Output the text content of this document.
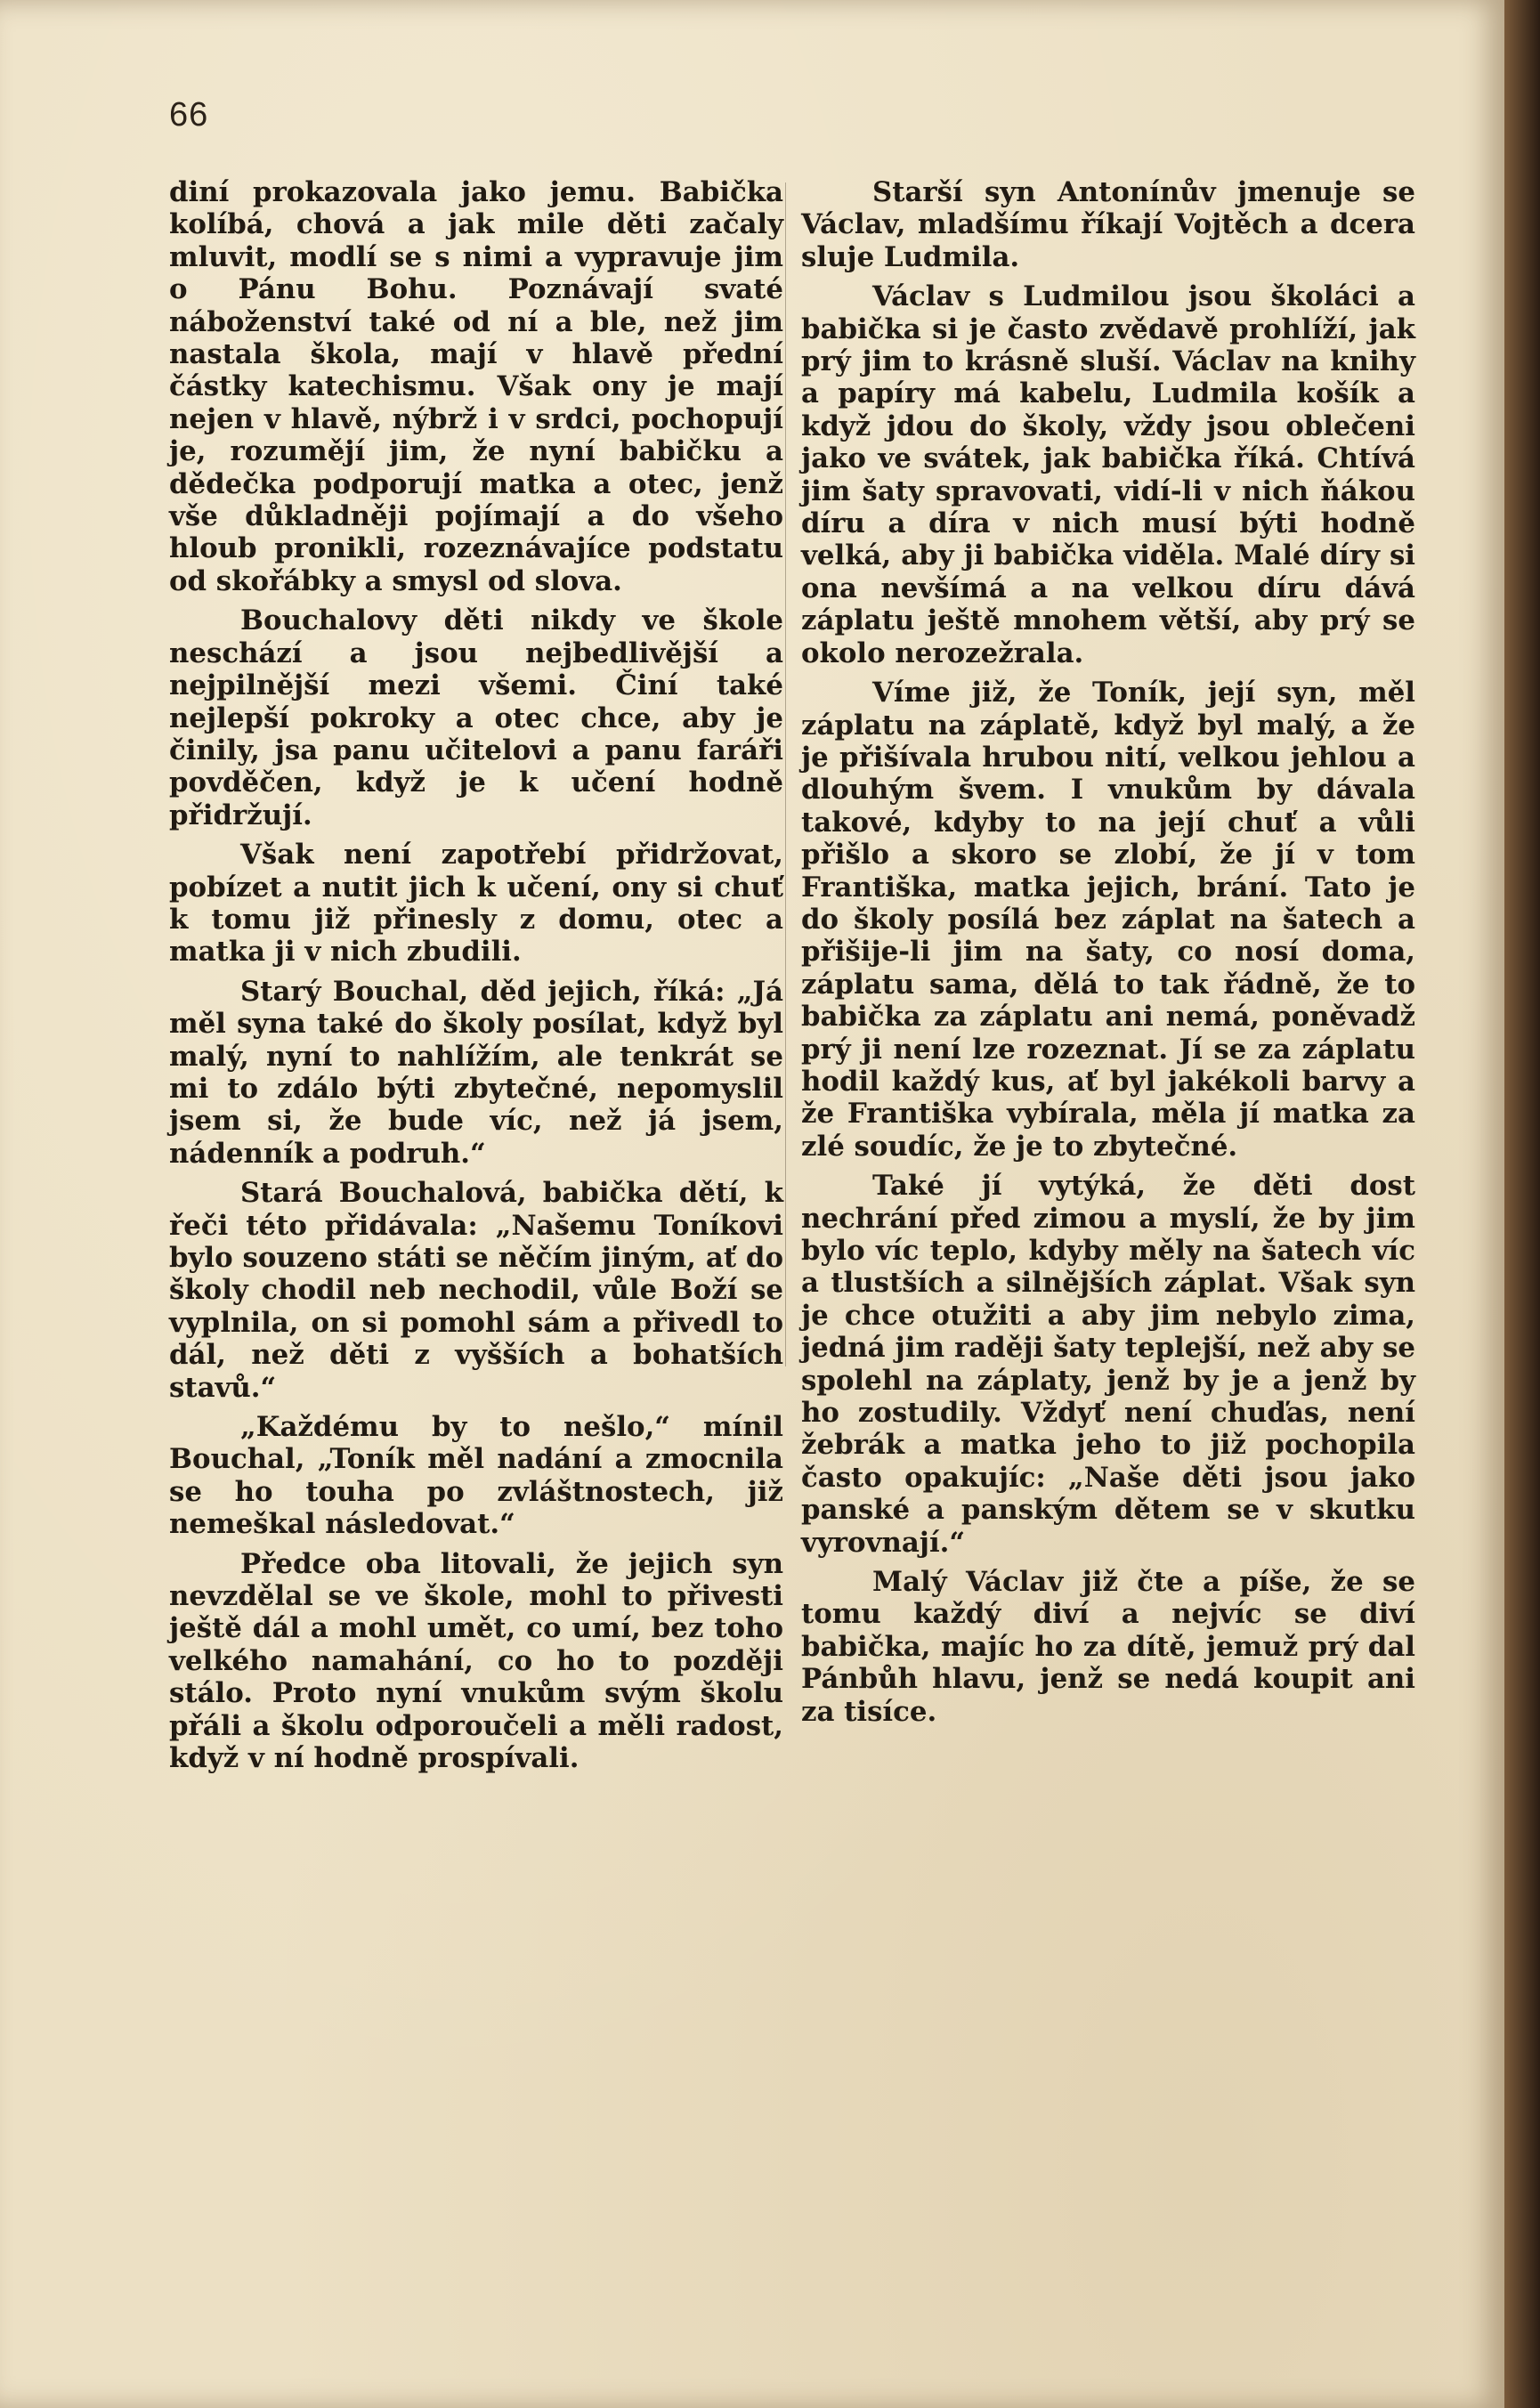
66

diní prokazovala jako jemu. Babička kolíbá, chová a jak mile děti začaly mluvit, modlí se s nimi a vypravuje jim o Pánu Bohu. Poznávají svaté náboženství také od ní a ble, než jim nastala škola, mají v hlavě přední částky katechismu. Však ony je mají nejen v hlavě, nýbrž i v srdci, pochopují je, rozumějí jim, že nyní babičku a dědečka podporují matka a otec, jenž vše důkladněji pojímají a do všeho hloub pronikli, rozeznávajíce podstatu od skořábky a smysl od slova.

Bouchalovy děti nikdy ve škole neschází a jsou nejbedlivější a nejpilnější mezi všemi. Činí také nejlepší pokroky a otec chce, aby je činily, jsa panu učitelovi a panu faráři povděčen, když je k učení hodně přidržují.

Však není zapotřebí přidržovat, pobízet a nutit jich k učení, ony si chuť k tomu již přinesly z domu, otec a matka ji v nich zbudili.

Starý Bouchal, děd jejich, říká: „Já měl syna také do školy posílat, když byl malý, nyní to nahlížím, ale tenkrát se mi to zdálo býti zbytečné, nepomyslil jsem si, že bude víc, než já jsem, nádenník a podruh.“

Stará Bouchalová, babička dětí, k řeči této přidávala: „Našemu Toníkovi bylo souzeno státi se něčím jiným, ať do školy chodil neb nechodil, vůle Boží se vyplnila, on si pomohl sám a přivedl to dál, než děti z vyšších a bohatších stavů.“

„Každému by to nešlo,“ mínil Bouchal, „Toník měl nadání a zmocnila se ho touha po zvláštnostech, již nemeškal následovat.“

Předce oba litovali, že jejich syn nevzdělal se ve škole, mohl to přivesti ještě dál a mohl umět, co umí, bez toho velkého namahání, co ho to později stálo. Proto nyní vnukům svým školu přáli a školu odporoučeli a měli radost, když v ní hodně prospívali.

Starší syn Antonínův jmenuje se Václav, mladšímu říkají Vojtěch a dcera sluje Ludmila.

Václav s Ludmilou jsou školáci a babička si je často zvědavě prohlíží, jak prý jim to krásně sluší. Václav na knihy a papíry má kabelu, Ludmila košík a když jdou do školy, vždy jsou oblečeni jako ve svátek, jak babička říká. Chtívá jim šaty spravovati, vidí-li v nich ňákou díru a díra v nich musí býti hodně velká, aby ji babička viděla. Malé díry si ona nevšímá a na velkou díru dává záplatu ještě mnohem větší, aby prý se okolo nerozežrala.

Víme již, že Toník, její syn, měl záplatu na záplatě, když byl malý, a že je přišívala hrubou nití, velkou jehlou a dlouhým švem. I vnukům by dávala takové, kdyby to na její chuť a vůli přišlo a skoro se zlobí, že jí v tom Františka, matka jejich, brání. Tato je do školy posílá bez záplat na šatech a přišije-li jim na šaty, co nosí doma, záplatu sama, dělá to tak řádně, že to babička za záplatu ani nemá, poněvadž prý ji není lze rozeznat. Jí se za záplatu hodil každý kus, ať byl jakékoli barvy a že Františka vybírala, měla jí matka za zlé soudíc, že je to zbytečné.

Také jí vytýká, že děti dost nechrání před zimou a myslí, že by jim bylo víc teplo, kdyby měly na šatech víc a tlustších a silnějších záplat. Však syn je chce otužiti a aby jim nebylo zima, jedná jim raději šaty teplejší, než aby se spolehl na záplaty, jenž by je a jenž by ho zostudily. Vždyť není chuďas, není žebrák a matka jeho to již pochopila často opakujíc: „Naše děti jsou jako panské a panským dětem se v skutku vyrovnají.“

Malý Václav již čte a píše, že se tomu každý diví a nejvíc se diví babička, majíc ho za dítě, jemuž prý dal Pánbůh hlavu, jenž se nedá koupit ani za tisíce.
